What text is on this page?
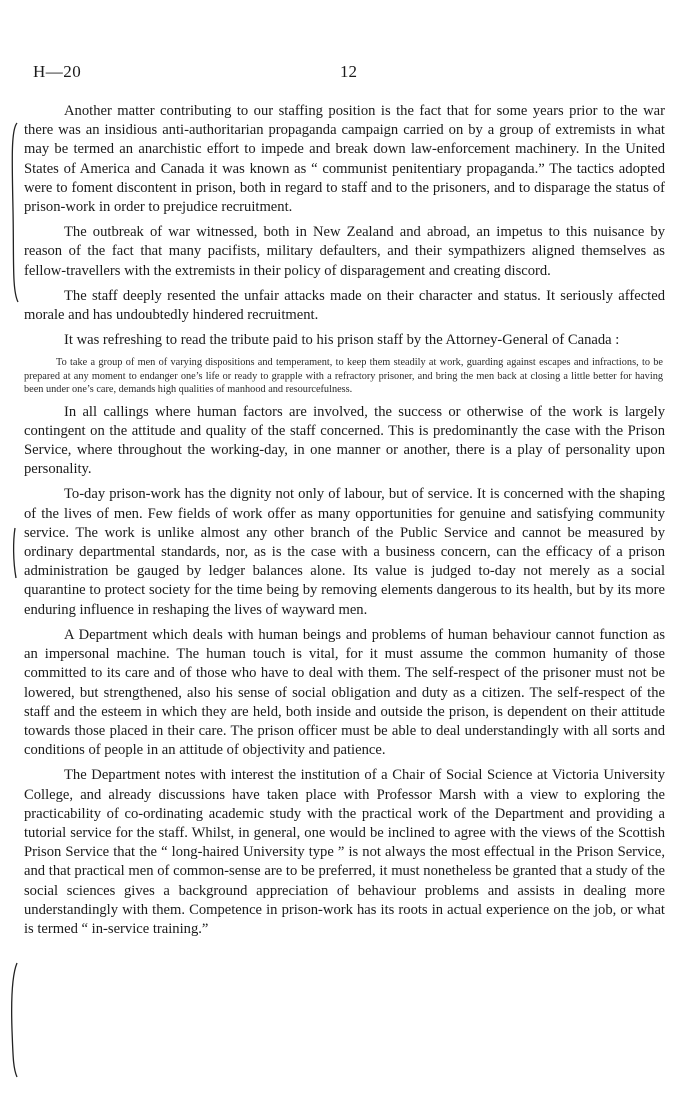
H—20	12

Another matter contributing to our staffing position is the fact that for some years prior to the war there was an insidious anti-authoritarian propaganda campaign carried on by a group of extremists in what may be termed an anarchistic effort to impede and break down law-enforcement machinery. In the United States of America and Canada it was known as “ communist penitentiary propaganda.” The tactics adopted were to foment discontent in prison, both in regard to staff and to the prisoners, and to disparage the status of prison-work in order to prejudice recruitment.

The outbreak of war witnessed, both in New Zealand and abroad, an impetus to this nuisance by reason of the fact that many pacifists, military defaulters, and their sympathizers aligned themselves as fellow-travellers with the extremists in their policy of disparagement and creating discord.

The staff deeply resented the unfair attacks made on their character and status. It seriously affected morale and has undoubtedly hindered recruitment.

It was refreshing to read the tribute paid to his prison staff by the Attorney-General of Canada :

To take a group of men of varying dispositions and temperament, to keep them steadily at work, guarding against escapes and infractions, to be prepared at any moment to endanger one’s life or ready to grapple with a refractory prisoner, and bring the men back at closing a little better for having been under one’s care, demands high qualities of manhood and resourcefulness.

In all callings where human factors are involved, the success or otherwise of the work is largely contingent on the attitude and quality of the staff concerned. This is predominantly the case with the Prison Service, where throughout the working-day, in one manner or another, there is a play of personality upon personality.

To-day prison-work has the dignity not only of labour, but of service. It is concerned with the shaping of the lives of men. Few fields of work offer as many opportunities for genuine and satisfying community service. The work is unlike almost any other branch of the Public Service and cannot be measured by ordinary departmental standards, nor, as is the case with a business concern, can the efficacy of a prison administration be gauged by ledger balances alone. Its value is judged to-day not merely as a social quarantine to protect society for the time being by removing elements dangerous to its health, but by its more enduring influence in reshaping the lives of wayward men.

A Department which deals with human beings and problems of human behaviour cannot function as an impersonal machine. The human touch is vital, for it must assume the common humanity of those committed to its care and of those who have to deal with them. The self-respect of the prisoner must not be lowered, but strengthened, also his sense of social obligation and duty as a citizen. The self-respect of the staff and the esteem in which they are held, both inside and outside the prison, is dependent on their attitude towards those placed in their care. The prison officer must be able to deal understandingly with all sorts and conditions of people in an attitude of objectivity and patience.

The Department notes with interest the institution of a Chair of Social Science at Victoria University College, and already discussions have taken place with Professor Marsh with a view to exploring the practicability of co-ordinating academic study with the practical work of the Department and providing a tutorial service for the staff. Whilst, in general, one would be inclined to agree with the views of the Scottish Prison Service that the “ long-haired University type ” is not always the most effectual in the Prison Service, and that practical men of common-sense are to be preferred, it must nonetheless be granted that a study of the social sciences gives a background appreciation of behaviour problems and assists in dealing more understandingly with them. Competence in prison-work has its roots in actual experience on the job, or what is termed “ in-service training.”
